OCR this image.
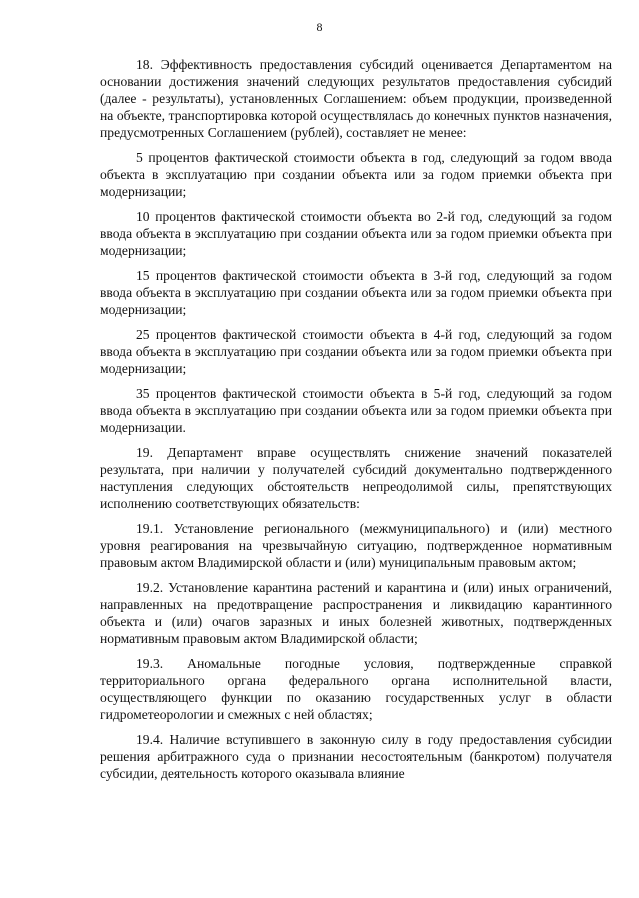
8

18. Эффективность предоставления субсидий оценивается Департаментом на основании достижения значений следующих результатов предоставления субсидий (далее - результаты), установленных Соглашением: объем продукции, произведенной на объекте, транспортировка которой осуществлялась до конечных пунктов назначения, предусмотренных Соглашением (рублей), составляет не менее:

5 процентов фактической стоимости объекта в год, следующий за годом ввода объекта в эксплуатацию при создании объекта или за годом приемки объекта при модернизации;

10 процентов фактической стоимости объекта во 2-й год, следующий за годом ввода объекта в эксплуатацию при создании объекта или за годом приемки объекта при модернизации;

15 процентов фактической стоимости объекта в 3-й год, следующий за годом ввода объекта в эксплуатацию при создании объекта или за годом приемки объекта при модернизации;

25 процентов фактической стоимости объекта в 4-й год, следующий за годом ввода объекта в эксплуатацию при создании объекта или за годом приемки объекта при модернизации;

35 процентов фактической стоимости объекта в 5-й год, следующий за годом ввода объекта в эксплуатацию при создании объекта или за годом приемки объекта при модернизации.

19. Департамент вправе осуществлять снижение значений показателей результата, при наличии у получателей субсидий документально подтвержденного наступления следующих обстоятельств непреодолимой силы, препятствующих исполнению соответствующих обязательств:

19.1. Установление регионального (межмуниципального) и (или) местного уровня реагирования на чрезвычайную ситуацию, подтвержденное нормативным правовым актом Владимирской области и (или) муниципальным правовым актом;

19.2. Установление карантина растений и карантина и (или) иных ограничений, направленных на предотвращение распространения и ликвидацию карантинного объекта и (или) очагов заразных и иных болезней животных, подтвержденных нормативным правовым актом Владимирской области;

19.3. Аномальные погодные условия, подтвержденные справкой территориального органа федерального органа исполнительной власти, осуществляющего функции по оказанию государственных услуг в области гидрометеорологии и смежных с ней областях;

19.4. Наличие вступившего в законную силу в году предоставления субсидии решения арбитражного суда о признании несостоятельным (банкротом) получателя субсидии, деятельность которого оказывала влияние
